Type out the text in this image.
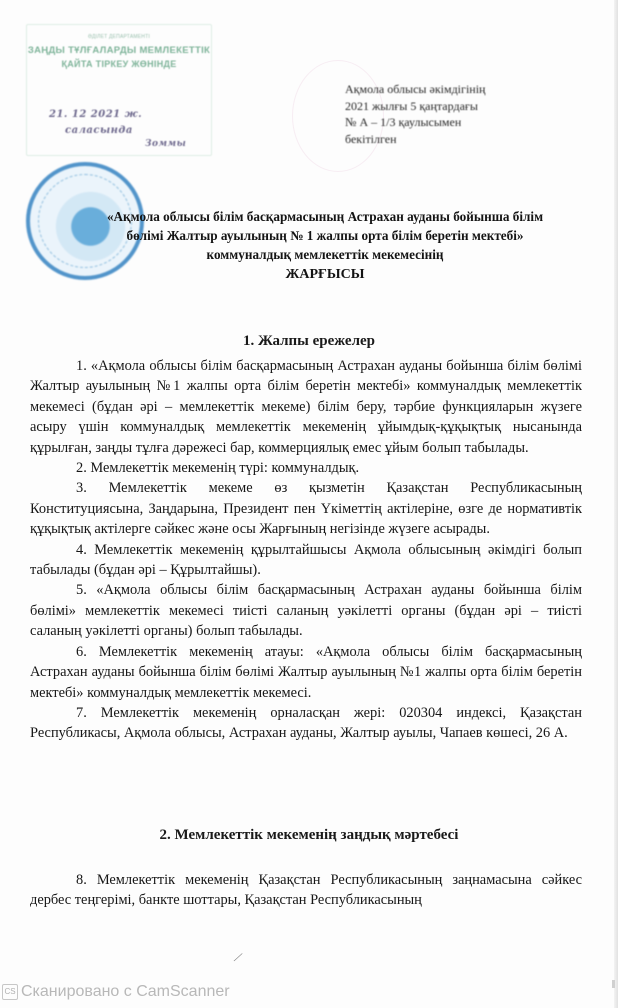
ӘДІЛЕТ ДЕПАРТАМЕНТІ
ЗАҢДЫ ТҰЛҒАЛАРДЫ МЕМЛЕКЕТТІК
ҚАЙТА ТІРКЕУ ЖӨНІНДЕ
21. 12 2021 ж.
саласында
Зоммы
Ақмола облысы әкімдігінің
2021 жылғы 5 қаңтардағы
№ А – 1/3 қаулысымен
бекітілген
«Ақмола облысы білім басқармасының Астрахан ауданы бойынша білім
бөлімі Жалтыр ауылының № 1 жалпы орта білім беретін мектебі»
коммуналдық мемлекеттік мекемесінің
ЖАРҒЫСЫ
1. Жалпы ережелер

1. «Ақмола облысы білім басқармасының Астрахан ауданы бойынша білім бөлімі Жалтыр ауылының №1 жалпы орта білім беретін мектебі» коммуналдық мемлекеттік мекемесі (бұдан әрі – мемлекеттік мекеме) білім беру, тәрбие функцияларын жүзеге асыру үшін коммуналдық мемлекеттік мекеменің ұйымдық-құқықтық нысанында құрылған, заңды тұлға дәрежесі бар, коммерциялық емес ұйым болып табылады.

2. Мемлекеттік мекеменің түрі: коммуналдық.

3. Мемлекеттік мекеме өз қызметін Қазақстан Республикасының Конституциясына, Заңдарына, Президент пен Үкіметтің актілеріне, өзге де нормативтік құқықтық актілерге сәйкес және осы Жарғының негізінде жүзеге асырады.

4. Мемлекеттік мекеменің құрылтайшысы Ақмола облысының әкімдігі болып табылады (бұдан әрі – Құрылтайшы).

5. «Ақмола облысы білім басқармасының Астрахан ауданы бойынша білім бөлімі» мемлекеттік мекемесі тиісті саланың уәкілетті органы (бұдан әрі – тиісті саланың уәкілетті органы) болып табылады.

6. Мемлекеттік мекеменің атауы: «Ақмола облысы білім басқармасының Астрахан ауданы бойынша білім бөлімі Жалтыр ауылының №1 жалпы орта білім беретін мектебі» коммуналдық мемлекеттік мекемесі.

7. Мемлекеттік мекеменің орналасқан жері: 020304 индексі, Қазақстан Республикасы, Ақмола облысы, Астрахан ауданы, Жалтыр ауылы, Чапаев көшесі, 26 А.

2. Мемлекеттік мекеменің заңдық мәртебесі

8. Мемлекеттік мекеменің Қазақстан Республикасының заңнамасына сәйкес дербес теңгерімі, банкте шоттары, Қазақстан Республикасының

⁄
CS Сканировано с CamScanner
